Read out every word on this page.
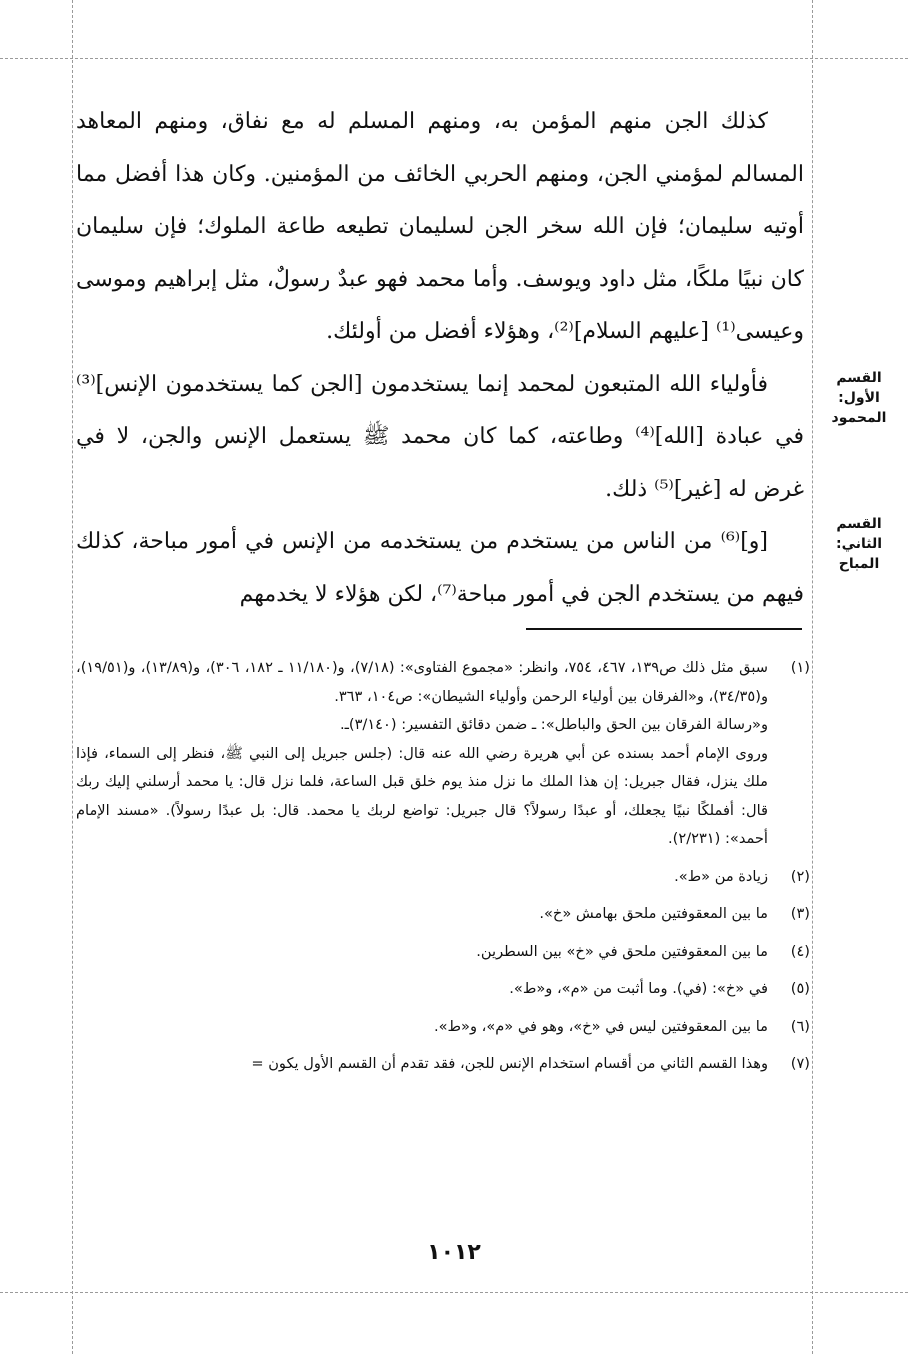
كذلك الجن منهم المؤمن به، ومنهم المسلم له مع نفاق، ومنهم المعاهد المسالم لمؤمني الجن، ومنهم الحربي الخائف من المؤمنين. وكان هذا أفضل مما أوتيه سليمان؛ فإن الله سخر الجن لسليمان تطيعه طاعة الملوك؛ فإن سليمان كان نبيًا ملكًا، مثل داود ويوسف. وأما محمد فهو عبدٌ رسولٌ، مثل إبراهيم وموسى وعيسى⁽¹⁾ [عليهم السلام]⁽²⁾، وهؤلاء أفضل من أولئك.

فأولياء الله المتبعون لمحمد إنما يستخدمون [الجن كما يستخدمون الإنس]⁽³⁾ في عبادة [الله]⁽⁴⁾ وطاعته، كما كان محمد ﷺ يستعمل الإنس والجن، لا في غرض له [غير]⁽⁵⁾ ذلك.

[و]⁽⁶⁾ من الناس من يستخدم من يستخدمه من الإنس في أمور مباحة، كذلك فيهم من يستخدم الجن في أمور مباحة⁽⁷⁾، لكن هؤلاء لا يخدمهم

القسم الأول:
المحمود
القسم الثاني:
المباح
(١)

سبق مثل ذلك ص١٣٩، ٤٦٧، ٧٥٤، وانظر: «مجموع الفتاوى»: (٧/١٨)، و(١١/١٨٠ ـ ١٨٢، ٣٠٦)، و(١٣/٨٩)، و(١٩/٥١)، و(٣٤/٣٥)، و«الفرقان بين أولياء الرحمن وأولياء الشيطان»: ص١٠٤، ٣٦٣.

و«رسالة الفرقان بين الحق والباطل»: ـ ضمن دقائق التفسير: (٣/١٤٠)ـ.

وروى الإمام أحمد بسنده عن أبي هريرة رضي الله عنه قال: (جلس جبريل إلى النبي ﷺ، فنظر إلى السماء، فإذا ملك ينزل، فقال جبريل: إن هذا الملك ما نزل منذ يوم خلق قبل الساعة، فلما نزل قال: يا محمد أرسلني إليك ربك قال: أفملكًا نبيًا يجعلك، أو عبدًا رسولاً؟ قال جبريل: تواضع لربك يا محمد. قال: بل عبدًا رسولاً). «مسند الإمام أحمد»: (٢/٢٣١).

(٢)

زيادة من «ط».

(٣)

ما بين المعقوفتين ملحق بهامش «خ».

(٤)

ما بين المعقوفتين ملحق في «خ» بين السطرين.

(٥)

في «خ»: (في). وما أثبت من «م»، و«ط».

(٦)

ما بين المعقوفتين ليس في «خ»، وهو في «م»، و«ط».

(٧)

وهذا القسم الثاني من أقسام استخدام الإنس للجن، فقد تقدم أن القسم الأول يكون =

١٠١٢
